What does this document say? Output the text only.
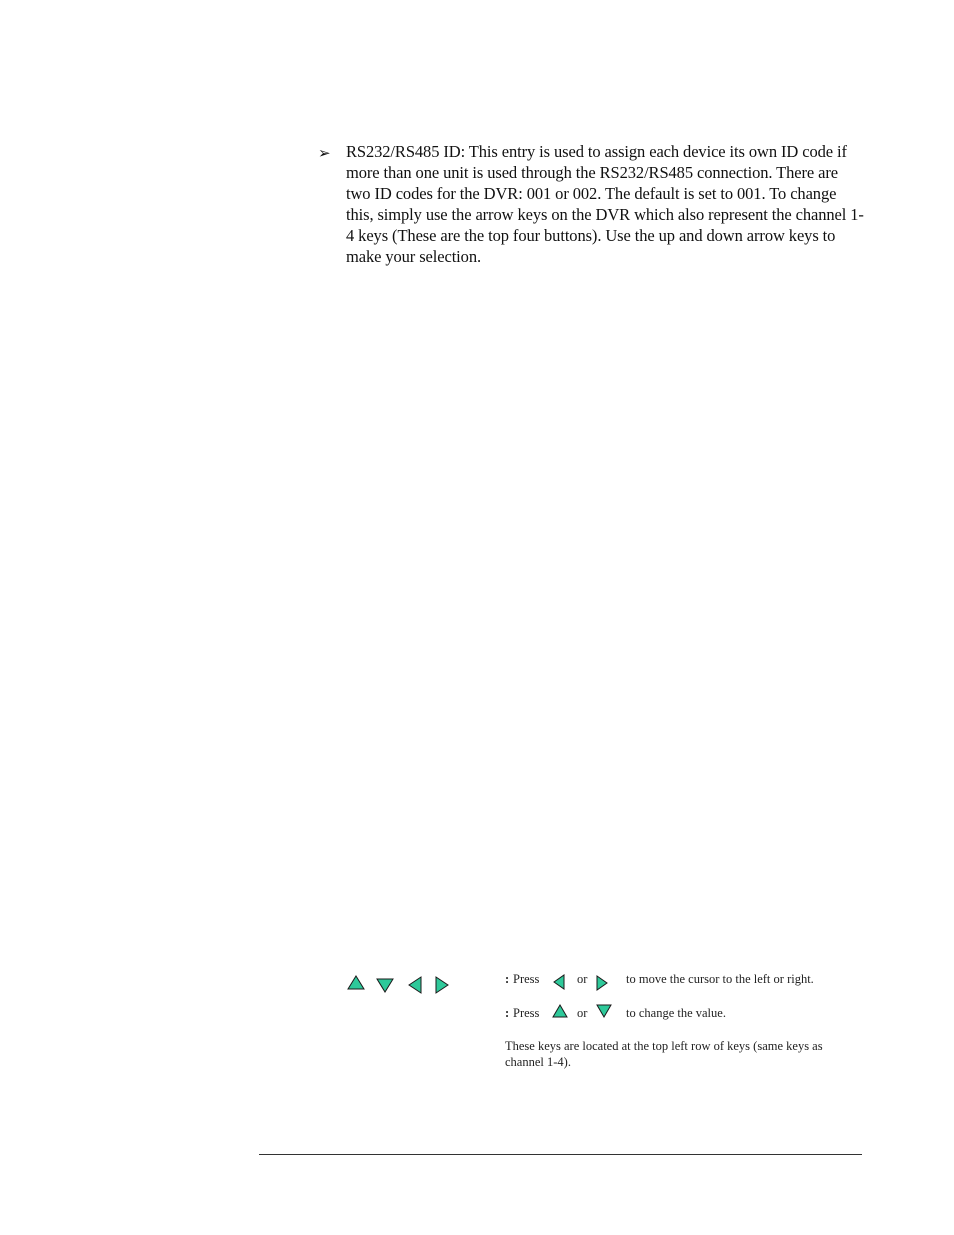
➢ RS232/RS485 ID: This entry is used to assign each device its own ID code if more than one unit is used through the RS232/RS485 connection. There are two ID codes for the DVR: 001 or 002. The default is set to 001. To change this, simply use the arrow keys on the DVR which also represent the channel 1-4 keys (These are the top four buttons). Use the up and down arrow keys to make your selection.
: Press	or	to move the cursor to the left or right.
: Press	or	to change the value.
These keys are located at the top left row of keys (same keys as channel 1-4).
